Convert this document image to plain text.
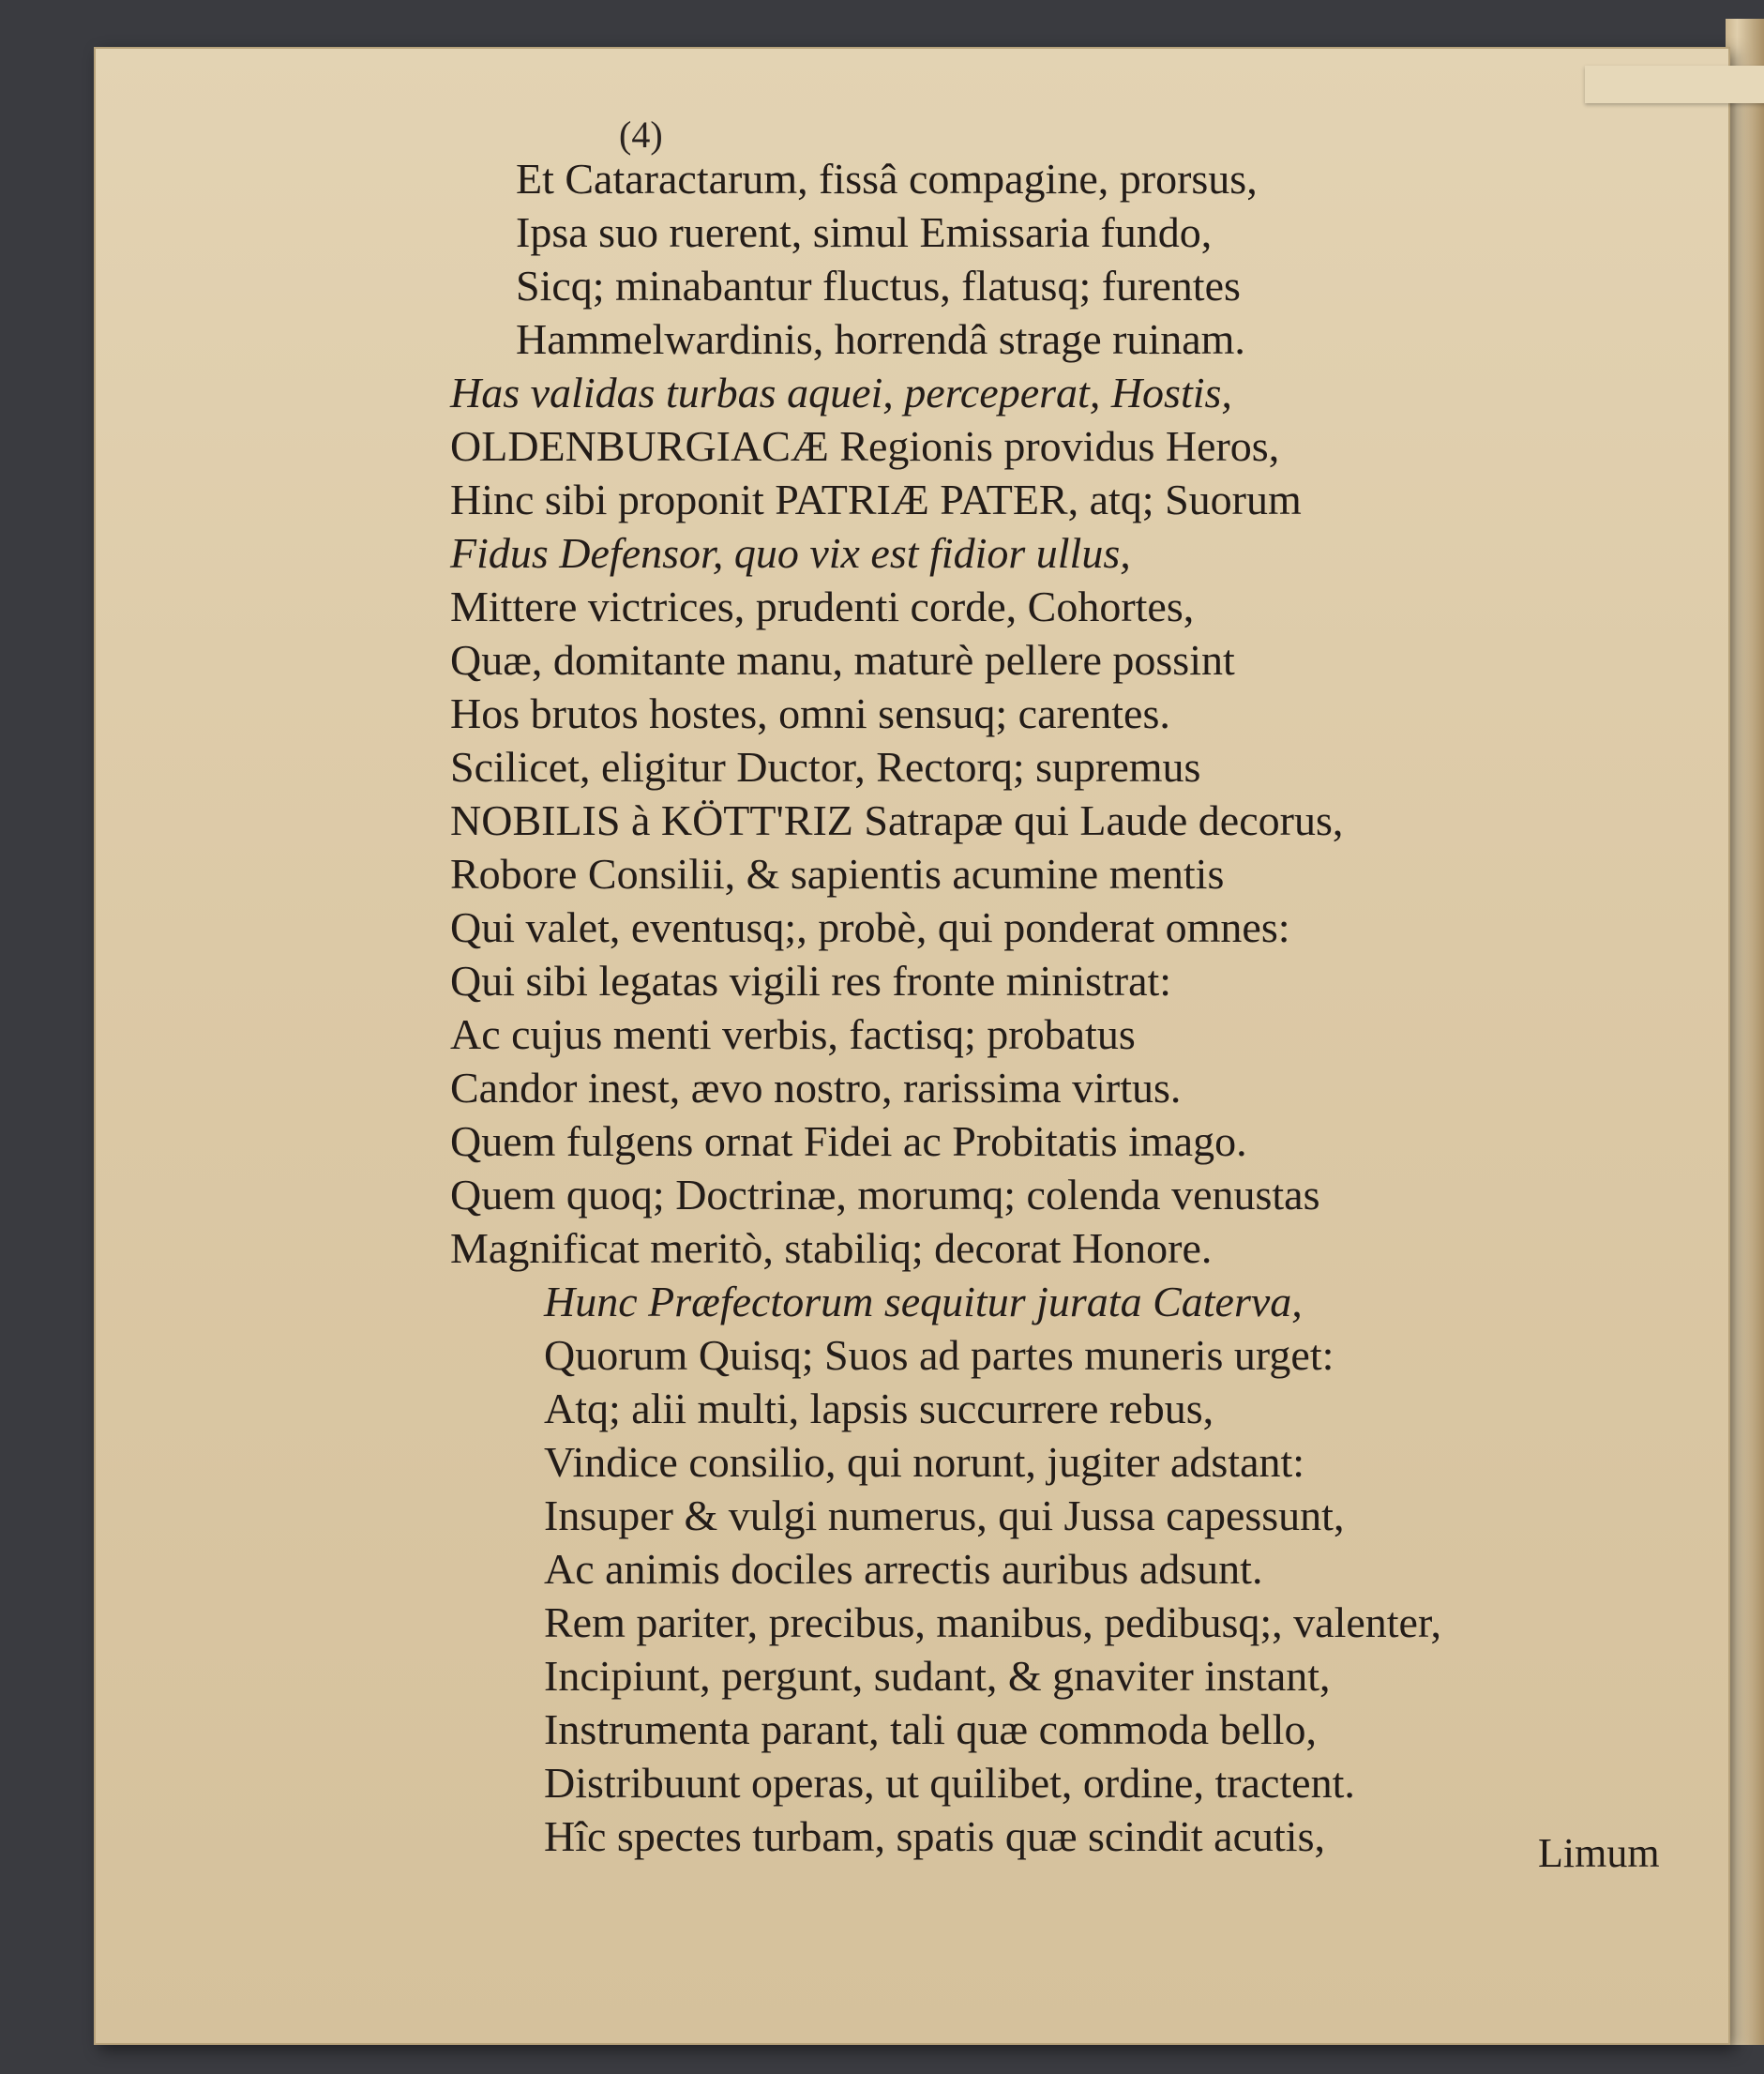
(4)
Et Cataractarum, fissâ compagine, prorsus,
Ipsa suo ruerent, simul Emissaria fundo,
Sicq; minabantur fluctus, flatusq; furentes
Hammelwardinis, horrendâ strage ruinam.
Has validas turbas aquei, perceperat, Hostis,
OLDENBURGIACÆ Regionis providus Heros,
Hinc sibi proponit PATRIÆ PATER, atq; Suorum
Fidus Defensor, quo vix est fidior ullus,
Mittere victrices, prudenti corde, Cohortes,
Quæ, domitante manu, maturè pellere possint
Hos brutos hostes, omni sensuq; carentes.
Scilicet, eligitur Ductor, Rectorq; supremus
NOBILIS à KÖTT'RIZ Satrapæ qui Laude decorus,
Robore Consilii, & sapientis acumine mentis
Qui valet, eventusq;, probè, qui ponderat omnes:
Qui sibi legatas vigili res fronte ministrat:
Ac cujus menti verbis, factisq; probatus
Candor inest, ævo nostro, rarissima virtus.
Quem fulgens ornat Fidei ac Probitatis imago.
Quem quoq; Doctrinæ, morumq; colenda venustas
Magnificat meritò, stabiliq; decorat Honore.
Hunc Præfectorum sequitur jurata Caterva,
Quorum Quisq; Suos ad partes muneris urget:
Atq; alii multi, lapsis succurrere rebus,
Vindice consilio, qui norunt, jugiter adstant:
Insuper & vulgi numerus, qui Jussa capessunt,
Ac animis dociles arrectis auribus adsunt.
Rem pariter, precibus, manibus, pedibusq;, valenter,
Incipiunt, pergunt, sudant, & gnaviter instant,
Instrumenta parant, tali quæ commoda bello,
Distribuunt operas, ut quilibet, ordine, tractent.
Hîc spectes turbam, spatis quæ scindit acutis,	Limum
